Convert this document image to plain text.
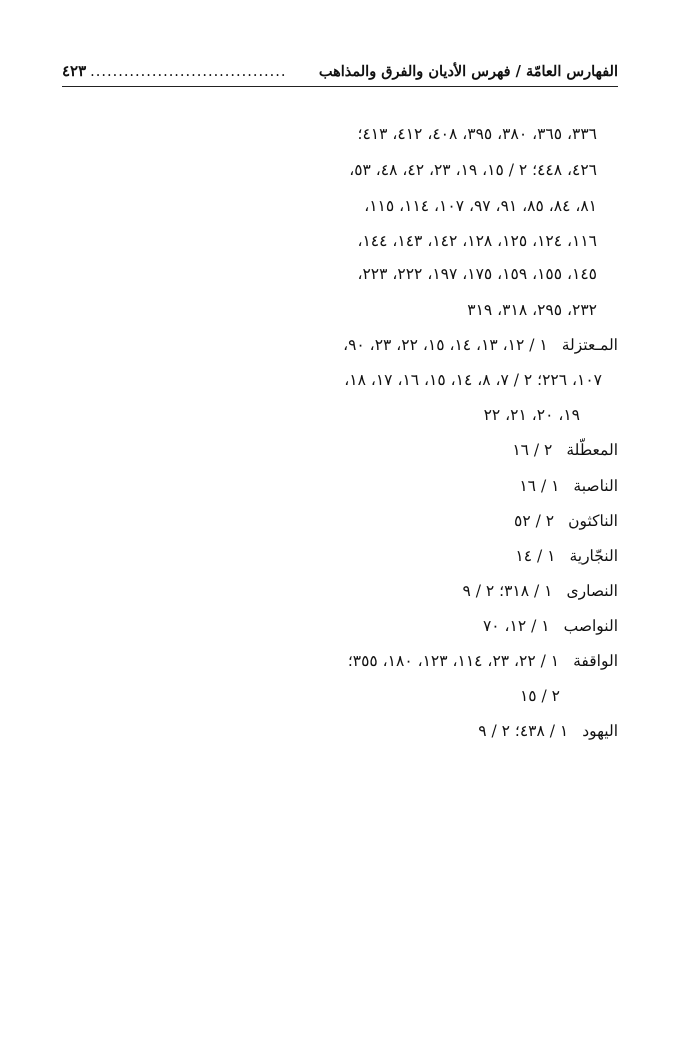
الفهارس العامّة / فهرس الأديان والفرق والمذاهب
...................................
٤٢٣
٣٣٦، ٣٦٥، ٣٨٠، ٣٩٥، ٤٠٨، ٤١٢، ٤١٣؛
٤٢٦، ٤٤٨؛ ٢ / ١٥، ١٩، ٢٣، ٤٢، ٤٨، ٥٣،
٨١، ٨٤، ٨٥، ٩١، ٩٧، ١٠٧، ١١٤، ١١٥،
١١٦، ١٢٤، ١٢٥، ١٢٨، ١٤٢، ١٤٣، ١٤٤،
١٤٥، ١٥٥، ١٥٩، ١٧٥، ١٩٧، ٢٢٢، ٢٢٣،
٢٣٢، ٢٩٥، ٣١٨، ٣١٩
المـعتزلة١ / ١٢، ١٣، ١٤، ١٥، ٢٢، ٢٣، ٩٠،
١٠٧، ٢٢٦؛ ٢ / ٧، ٨، ١٤، ١٥، ١٦، ١٧، ١٨،
١٩، ٢٠، ٢١، ٢٢
المعطّلة٢ / ١٦
الناصبة١ / ١٦
الناكثون٢ / ٥٢
النجّارية١ / ١٤
النصارى١ / ٣١٨؛ ٢ / ٩
النواصب١ / ١٢، ٧٠
الواقفة١ / ٢٢، ٢٣، ١١٤، ١٢٣، ١٨٠، ٣٥٥؛
٢ / ١٥
اليهود١ / ٤٣٨؛ ٢ / ٩
